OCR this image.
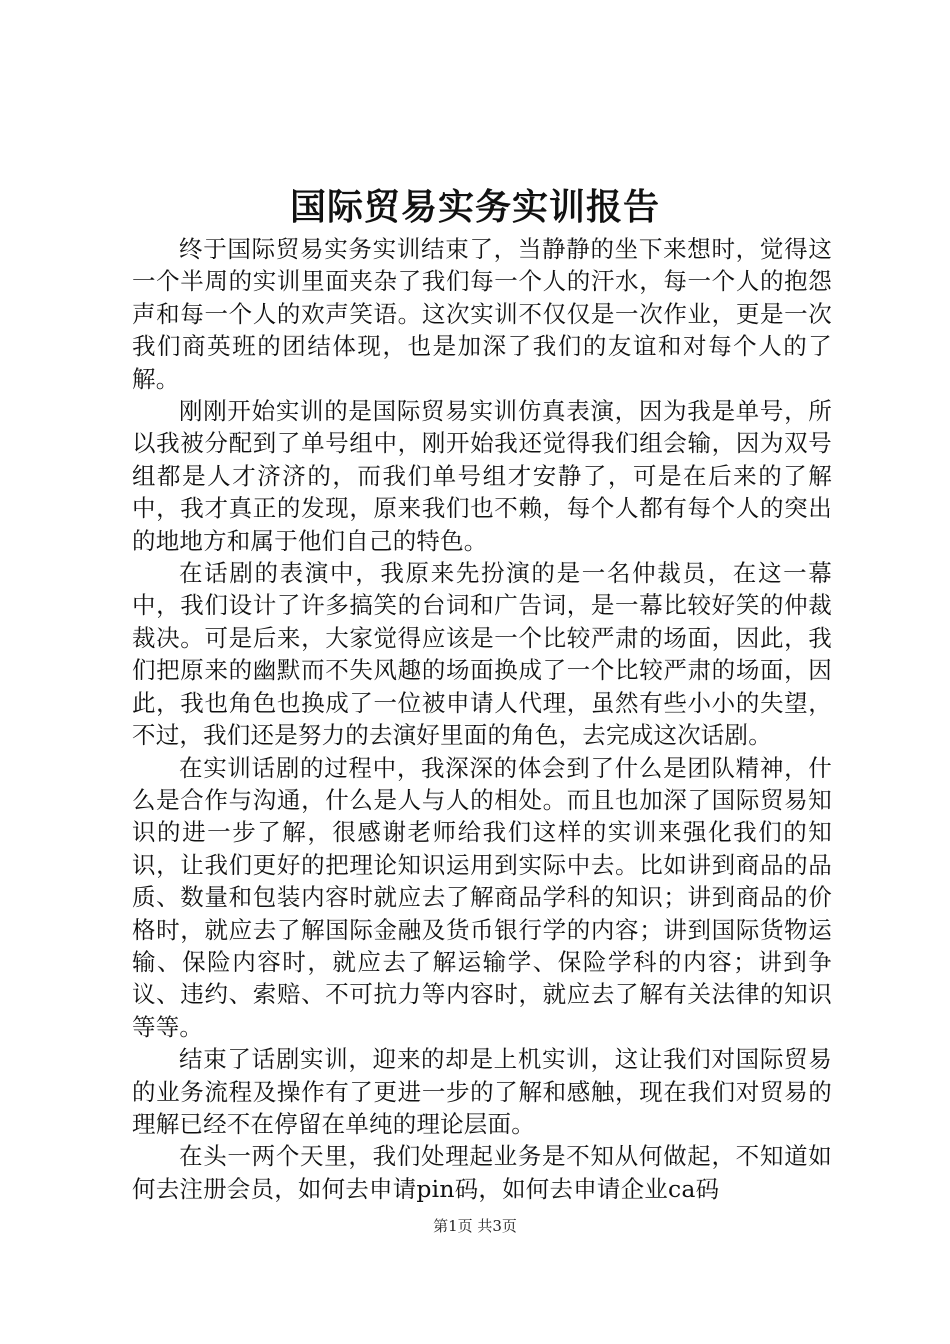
国际贸易实务实训报告

终于国际贸易实务实训结束了，当静静的坐下来想时，觉得这一个半周的实训里面夹杂了我们每一个人的汗水，每一个人的抱怨声和每一个人的欢声笑语。这次实训不仅仅是一次作业，更是一次我们商英班的团结体现，也是加深了我们的友谊和对每个人的了解。

刚刚开始实训的是国际贸易实训仿真表演，因为我是单号，所以我被分配到了单号组中，刚开始我还觉得我们组会输，因为双号组都是人才济济的，而我们单号组才安静了，可是在后来的了解中，我才真正的发现，原来我们也不赖，每个人都有每个人的突出的地地方和属于他们自己的特色。

在话剧的表演中，我原来先扮演的是一名仲裁员，在这一幕中，我们设计了许多搞笑的台词和广告词，是一幕比较好笑的仲裁裁决。可是后来，大家觉得应该是一个比较严肃的场面，因此，我们把原来的幽默而不失风趣的场面换成了一个比较严肃的场面，因此，我也角色也换成了一位被申请人代理，虽然有些小小的失望，不过，我们还是努力的去演好里面的角色，去完成这次话剧。

在实训话剧的过程中，我深深的体会到了什么是团队精神，什么是合作与沟通，什么是人与人的相处。而且也加深了国际贸易知识的进一步了解，很感谢老师给我们这样的实训来强化我们的知识，让我们更好的把理论知识运用到实际中去。比如讲到商品的品质、数量和包装内容时就应去了解商品学科的知识；讲到商品的价格时，就应去了解国际金融及货币银行学的内容；讲到国际货物运输、保险内容时，就应去了解运输学、保险学科的内容；讲到争议、违约、索赔、不可抗力等内容时，就应去了解有关法律的知识等等。

结束了话剧实训，迎来的却是上机实训，这让我们对国际贸易的业务流程及操作有了更进一步的了解和感触，现在我们对贸易的理解已经不在停留在单纯的理论层面。

在头一两个天里，我们处理起业务是不知从何做起，不知道如何去注册会员，如何去申请pin码，如何去申请企业ca码

第1页 共3页
